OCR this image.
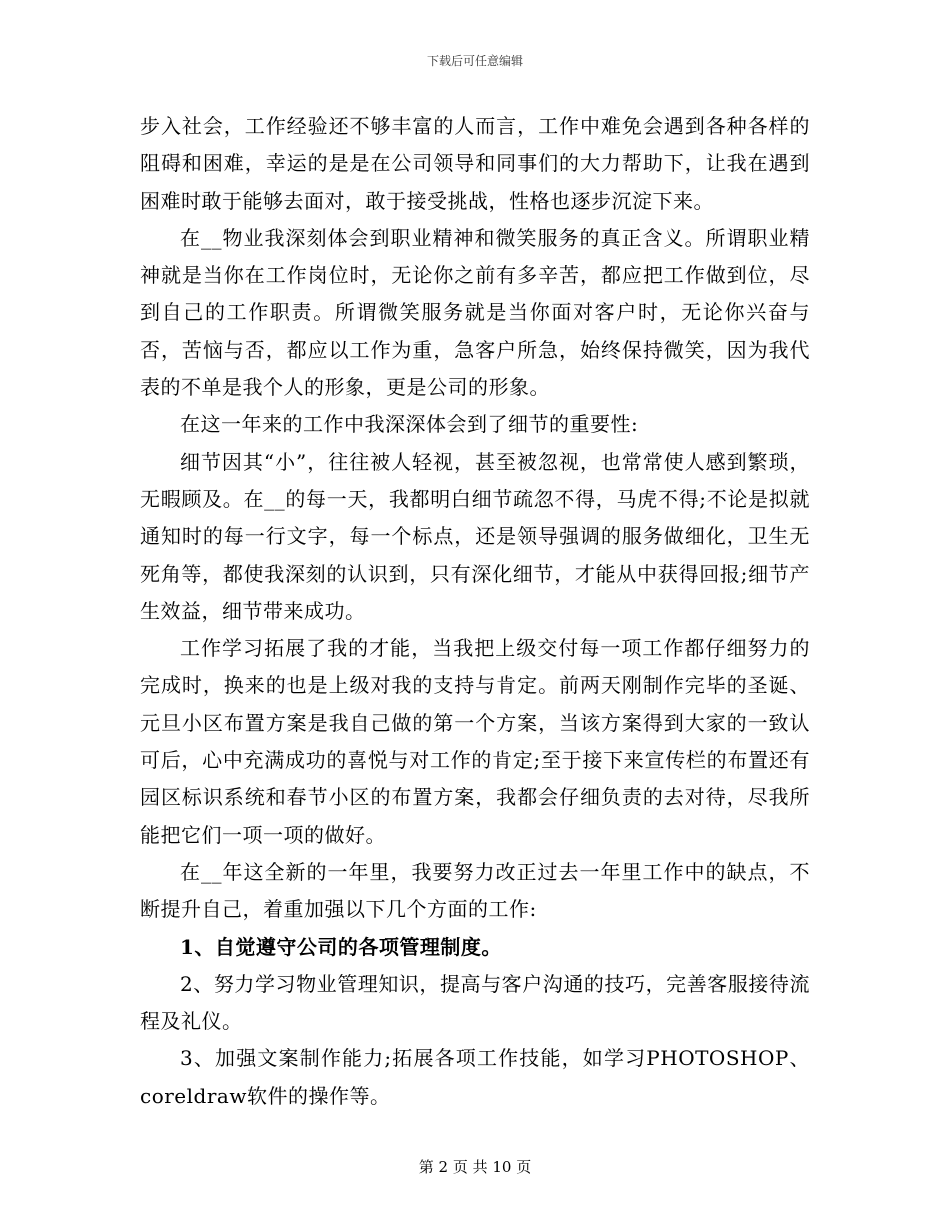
下载后可任意编辑

步入社会，工作经验还不够丰富的人而言，工作中难免会遇到各种各样的阻碍和困难，幸运的是是在公司领导和同事们的大力帮助下，让我在遇到困难时敢于能够去面对，敢于接受挑战，性格也逐步沉淀下来。

在__物业我深刻体会到职业精神和微笑服务的真正含义。所谓职业精神就是当你在工作岗位时，无论你之前有多辛苦，都应把工作做到位，尽到自己的工作职责。所谓微笑服务就是当你面对客户时，无论你兴奋与否，苦恼与否，都应以工作为重，急客户所急，始终保持微笑，因为我代表的不单是我个人的形象，更是公司的形象。

在这一年来的工作中我深深体会到了细节的重要性:

细节因其“小”，往往被人轻视，甚至被忽视，也常常使人感到繁琐，无暇顾及。在__的每一天，我都明白细节疏忽不得，马虎不得;不论是拟就通知时的每一行文字，每一个标点，还是领导强调的服务做细化，卫生无死角等，都使我深刻的认识到，只有深化细节，才能从中获得回报;细节产生效益，细节带来成功。

工作学习拓展了我的才能，当我把上级交付每一项工作都仔细努力的完成时，换来的也是上级对我的支持与肯定。前两天刚制作完毕的圣诞、元旦小区布置方案是我自己做的第一个方案，当该方案得到大家的一致认可后，心中充满成功的喜悦与对工作的肯定;至于接下来宣传栏的布置还有园区标识系统和春节小区的布置方案，我都会仔细负责的去对待，尽我所能把它们一项一项的做好。

在__年这全新的一年里，我要努力改正过去一年里工作中的缺点，不断提升自己，着重加强以下几个方面的工作:

1、自觉遵守公司的各项管理制度。

2、努力学习物业管理知识，提高与客户沟通的技巧，完善客服接待流程及礼仪。

3、加强文案制作能力;拓展各项工作技能，如学习PHOTOSHOP、coreldraw软件的操作等。

第 2 页 共 10 页
